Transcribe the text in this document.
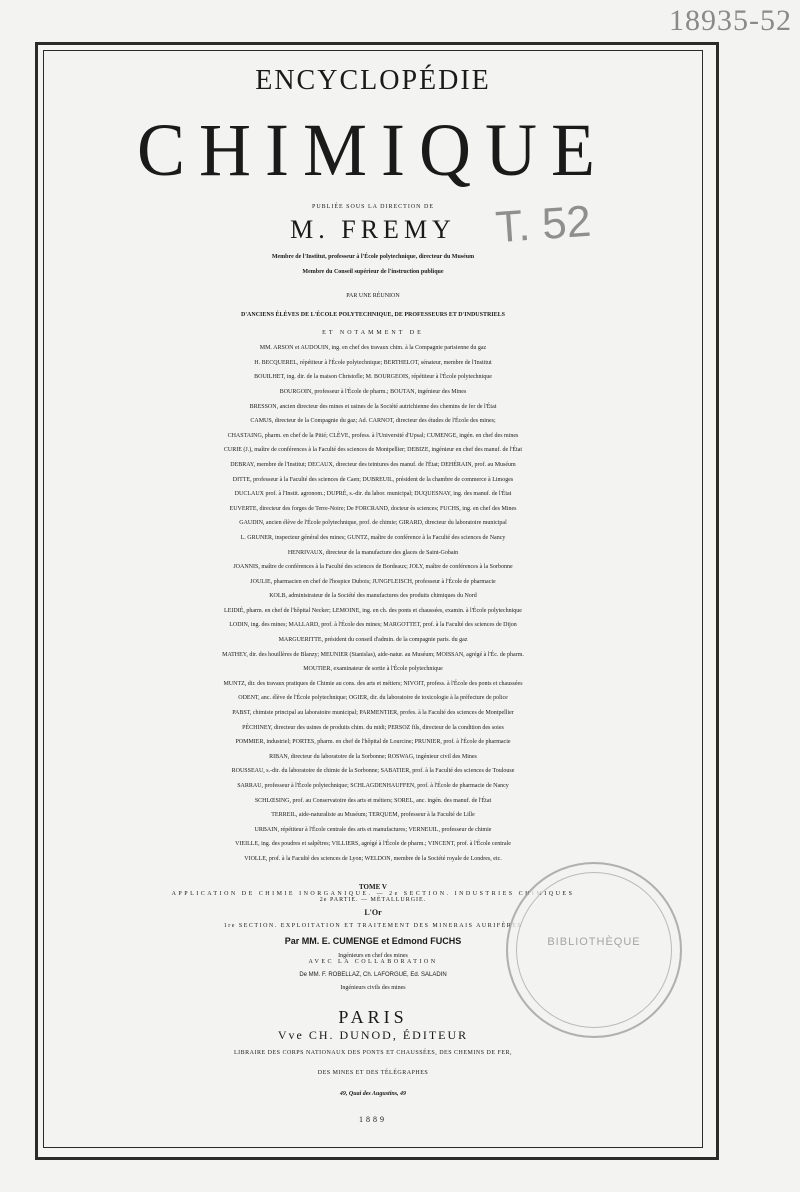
18935-52
T. 52
ENCYCLOPÉDIE
CHIMIQUE
PUBLIÉE SOUS LA DIRECTION DE
M. FREMY
Membre de l'Institut, professeur à l'École polytechnique, directeur du Muséum
Membre du Conseil supérieur de l'instruction publique
PAR UNE RÉUNION
D'ANCIENS ÉLÈVES DE L'ÉCOLE POLYTECHNIQUE, DE PROFESSEURS ET D'INDUSTRIELS
ET NOTAMMENT DE
MM. ARSON et AUDOUIN, ing. en chef des travaux chim. à la Compagnie parisienne du gaz
H. BECQUEREL, répétiteur à l'École polytechnique; BERTHELOT, sénateur, membre de l'Institut
BOUILHET, ing. dir. de la maison Christofle; M. BOURGEOIS, répétiteur à l'École polytechnique
BOURGOIN, professeur à l'École de pharm.; BOUTAN, ingénieur des Mines
BRESSON, ancien directeur des mines et usines de la Société autrichienne des chemins de fer de l'État
CAMUS, directeur de la Compagnie du gaz; Ad. CARNOT, directeur des études de l'École des mines;
CHASTAING, pharm. en chef de la Pitié; CLÈVE, profess. à l'Université d'Upsal; CUMENGE, ingén. en chef des mines
CURIE (J.), maître de conférences à la Faculté des sciences de Montpellier; DEBIZE, ingénieur en chef des manuf. de l'État
DEBRAY, membre de l'Institut; DECAUX, directeur des teintures des manuf. de l'État; DEHÉRAIN, prof. au Muséum
DITTE, professeur à la Faculté des sciences de Caen; DUBREUIL, président de la chambre de commerce à Limoges
DUCLAUX prof. à l'Instit. agronom.; DUPRÉ, s.-dir. du labor. municipal; DUQUESNAY, ing. des manuf. de l'État
EUVERTE, directeur des forges de Terre-Noire; De FORCRAND, docteur ès sciences; FUCHS, ing. en chef des Mines
GAUDIN, ancien élève de l'École polytechnique, prof. de chimie; GIRARD, directeur du laboratoire municipal
L. GRUNER, inspecteur général des mines; GUNTZ, maître de conférence à la Faculté des sciences de Nancy
HENRIVAUX, directeur de la manufacture des glaces de Saint-Gobain
JOANNIS, maître de conférences à la Faculté des sciences de Bordeaux; JOLY, maître de conférences à la Sorbonne
JOULIE, pharmacien en chef de l'hospice Dubois; JUNGFLEISCH, professeur à l'École de pharmacie
KOLB, administrateur de la Société des manufactures des produits chimiques du Nord
LEIDIÉ, pharm. en chef de l'hôpital Necker; LEMOINE, ing. en ch. des ponts et chaussées, examin. à l'École polytechnique
LODIN, ing. des mines; MALLARD, prof. à l'École des mines; MARGOTTET, prof. à la Faculté des sciences de Dijon
MARGUERITTE, président du conseil d'admin. de la compagnie paris. du gaz
MATHEY, dir. des houillères de Blanzy; MEUNIER (Stanislas), aide-natur. au Muséum; MOISSAN, agrégé à l'Éc. de pharm.
MOUTIER, examinateur de sortie à l'École polytechnique
MUNTZ, dir. des travaux pratiques de Chimie au cons. des arts et métiers; NIVOIT, profess. à l'École des ponts et chaussées
ODENT, anc. élève de l'École polytechnique; OGIER, dir. du laboratoire de toxicologie à la préfecture de police
PABST, chimiste principal au laboratoire municipal; PARMENTIER, profes. à la Faculté des sciences de Montpellier
PÉCHINEY, directeur des usines de produits chim. du midi; PERSOZ fils, directeur de la condition des soies
POMMIER, industriel; PORTES, pharm. en chef de l'hôpital de Lourcine; PRUNIER, prof. à l'École de pharmacie
RIBAN, directeur du laboratoire de la Sorbonne; ROSWAG, ingénieur civil des Mines
ROUSSEAU, s.-dir. du laboratoire de chimie de la Sorbonne; SABATIER, prof. à la Faculté des sciences de Toulouse
SARRAU, professeur à l'École polytechnique; SCHLAGDENHAUFFEN, prof. à l'École de pharmacie de Nancy
SCHLŒSING, prof. au Conservatoire des arts et métiers; SOREL, anc. ingén. des manuf. de l'État
TERREIL, aide-naturaliste au Muséum; TERQUEM, professeur à la Faculté de Lille
URBAIN, répétiteur à l'École centrale des arts et manufactures; VERNEUIL, professeur de chimie
VIEILLE, ing. des poudres et salpêtres; VILLIERS, agrégé à l'École de pharm.; VINCENT, prof. à l'École centrale
VIOLLE, prof. à la Faculté des sciences de Lyon; WELDON, membre de la Société royale de Londres, etc.
TOME V
APPLICATION DE CHIMIE INORGANIQUE. — 2e SECTION. INDUSTRIES CHIMIQUES
2e PARTIE. — MÉTALLURGIE.
L'Or
1re SECTION. EXPLOITATION ET TRAITEMENT DES MINERAIS AURIFÈRES
Par MM. E. CUMENGE et Edmond FUCHS
Ingénieurs en chef des mines
AVEC LA COLLABORATION
De MM. F. ROBELLAZ, Ch. LAFORGUE, Ed. SALADIN
Ingénieurs civils des mines
PARIS
Vve CH. DUNOD, ÉDITEUR
LIBRAIRE DES CORPS NATIONAUX DES PONTS ET CHAUSSÉES, DES CHEMINS DE FER,
DES MINES ET DES TÉLÉGRAPHES
49, Quai des Augustins, 49
1889
BIBLIOTHÈQUE
